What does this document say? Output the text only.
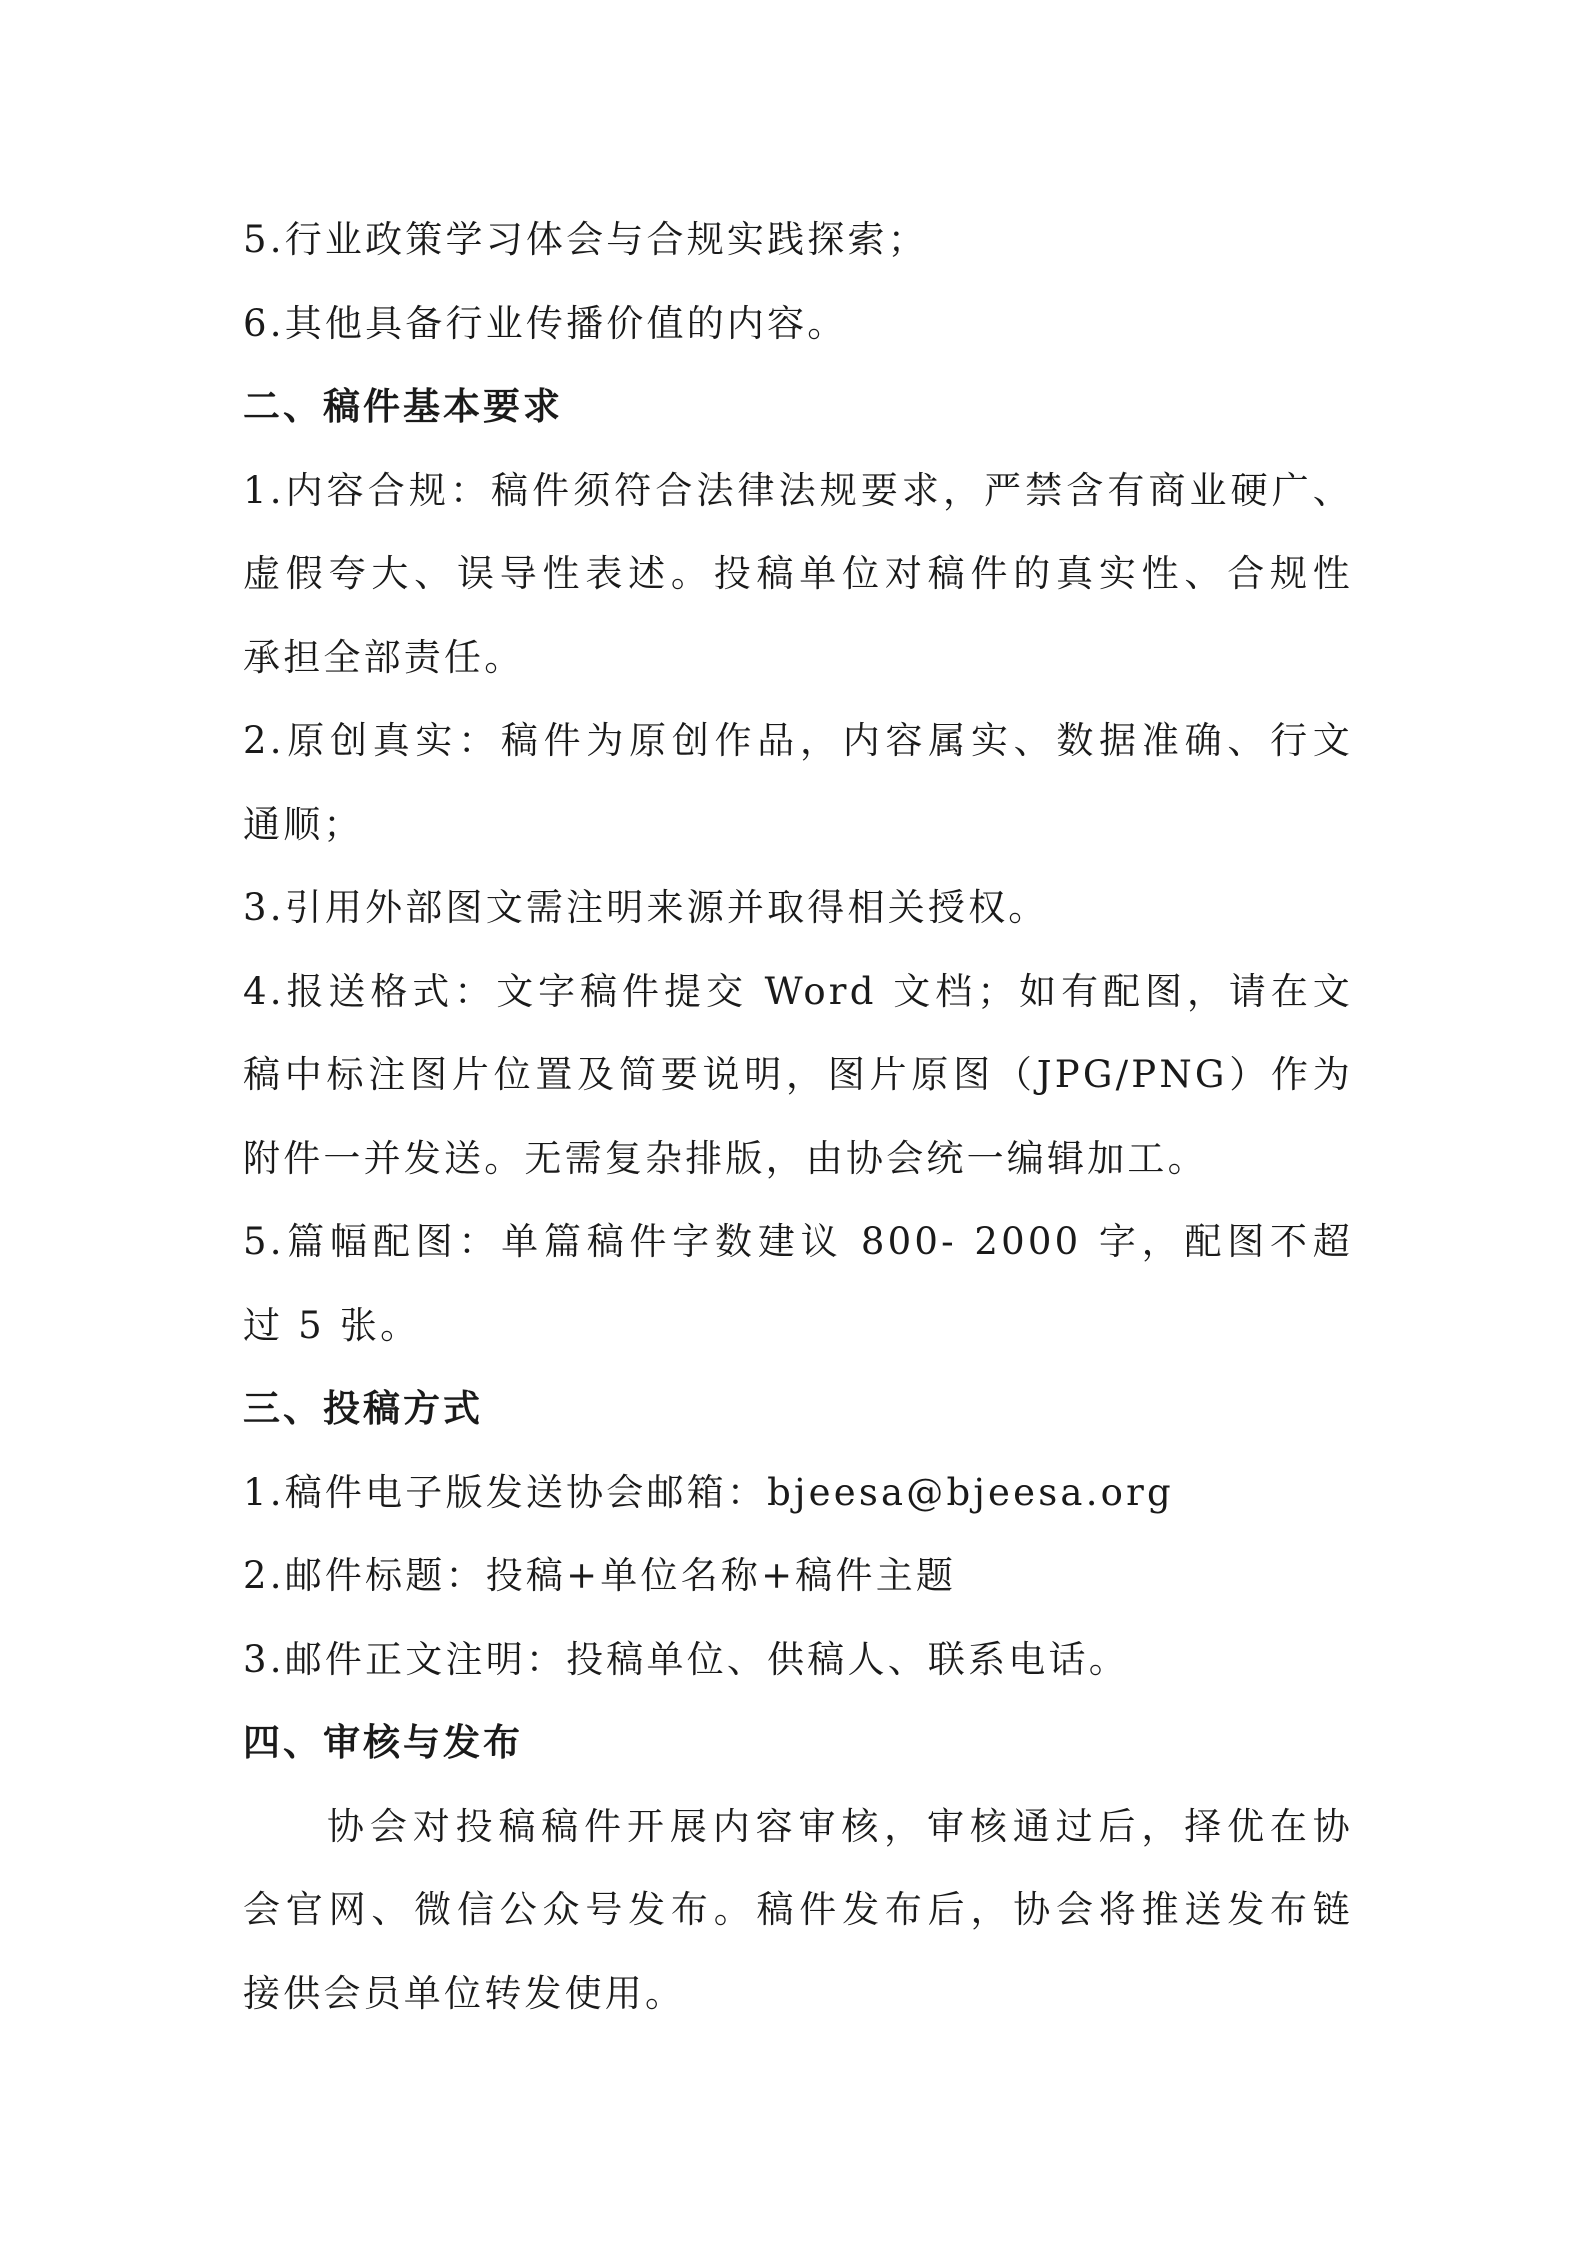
5.行业政策学习体会与合规实践探索；
6.其他具备行业传播价值的内容。
二、稿件基本要求
1.内容合规：稿件须符合法律法规要求，严禁含有商业硬广、
虚假夸大、误导性表述。投稿单位对稿件的真实性、合规性
承担全部责任。
2.原创真实：稿件为原创作品，内容属实、数据准确、行文
通顺；
3.引用外部图文需注明来源并取得相关授权。
4.报送格式：文字稿件提交 Word 文档；如有配图，请在文
稿中标注图片位置及简要说明，图片原图（JPG/PNG）作为
附件一并发送。无需复杂排版，由协会统一编辑加工。
5.篇幅配图：单篇稿件字数建议 800- 2000 字，配图不超
过 5 张。
三、投稿方式
1.稿件电子版发送协会邮箱：bjeesa@bjeesa.org
2.邮件标题：投稿+单位名称+稿件主题
3.邮件正文注明：投稿单位、供稿人、联系电话。
四、审核与发布
协会对投稿稿件开展内容审核，审核通过后，择优在协
会官网、微信公众号发布。稿件发布后，协会将推送发布链
接供会员单位转发使用。
